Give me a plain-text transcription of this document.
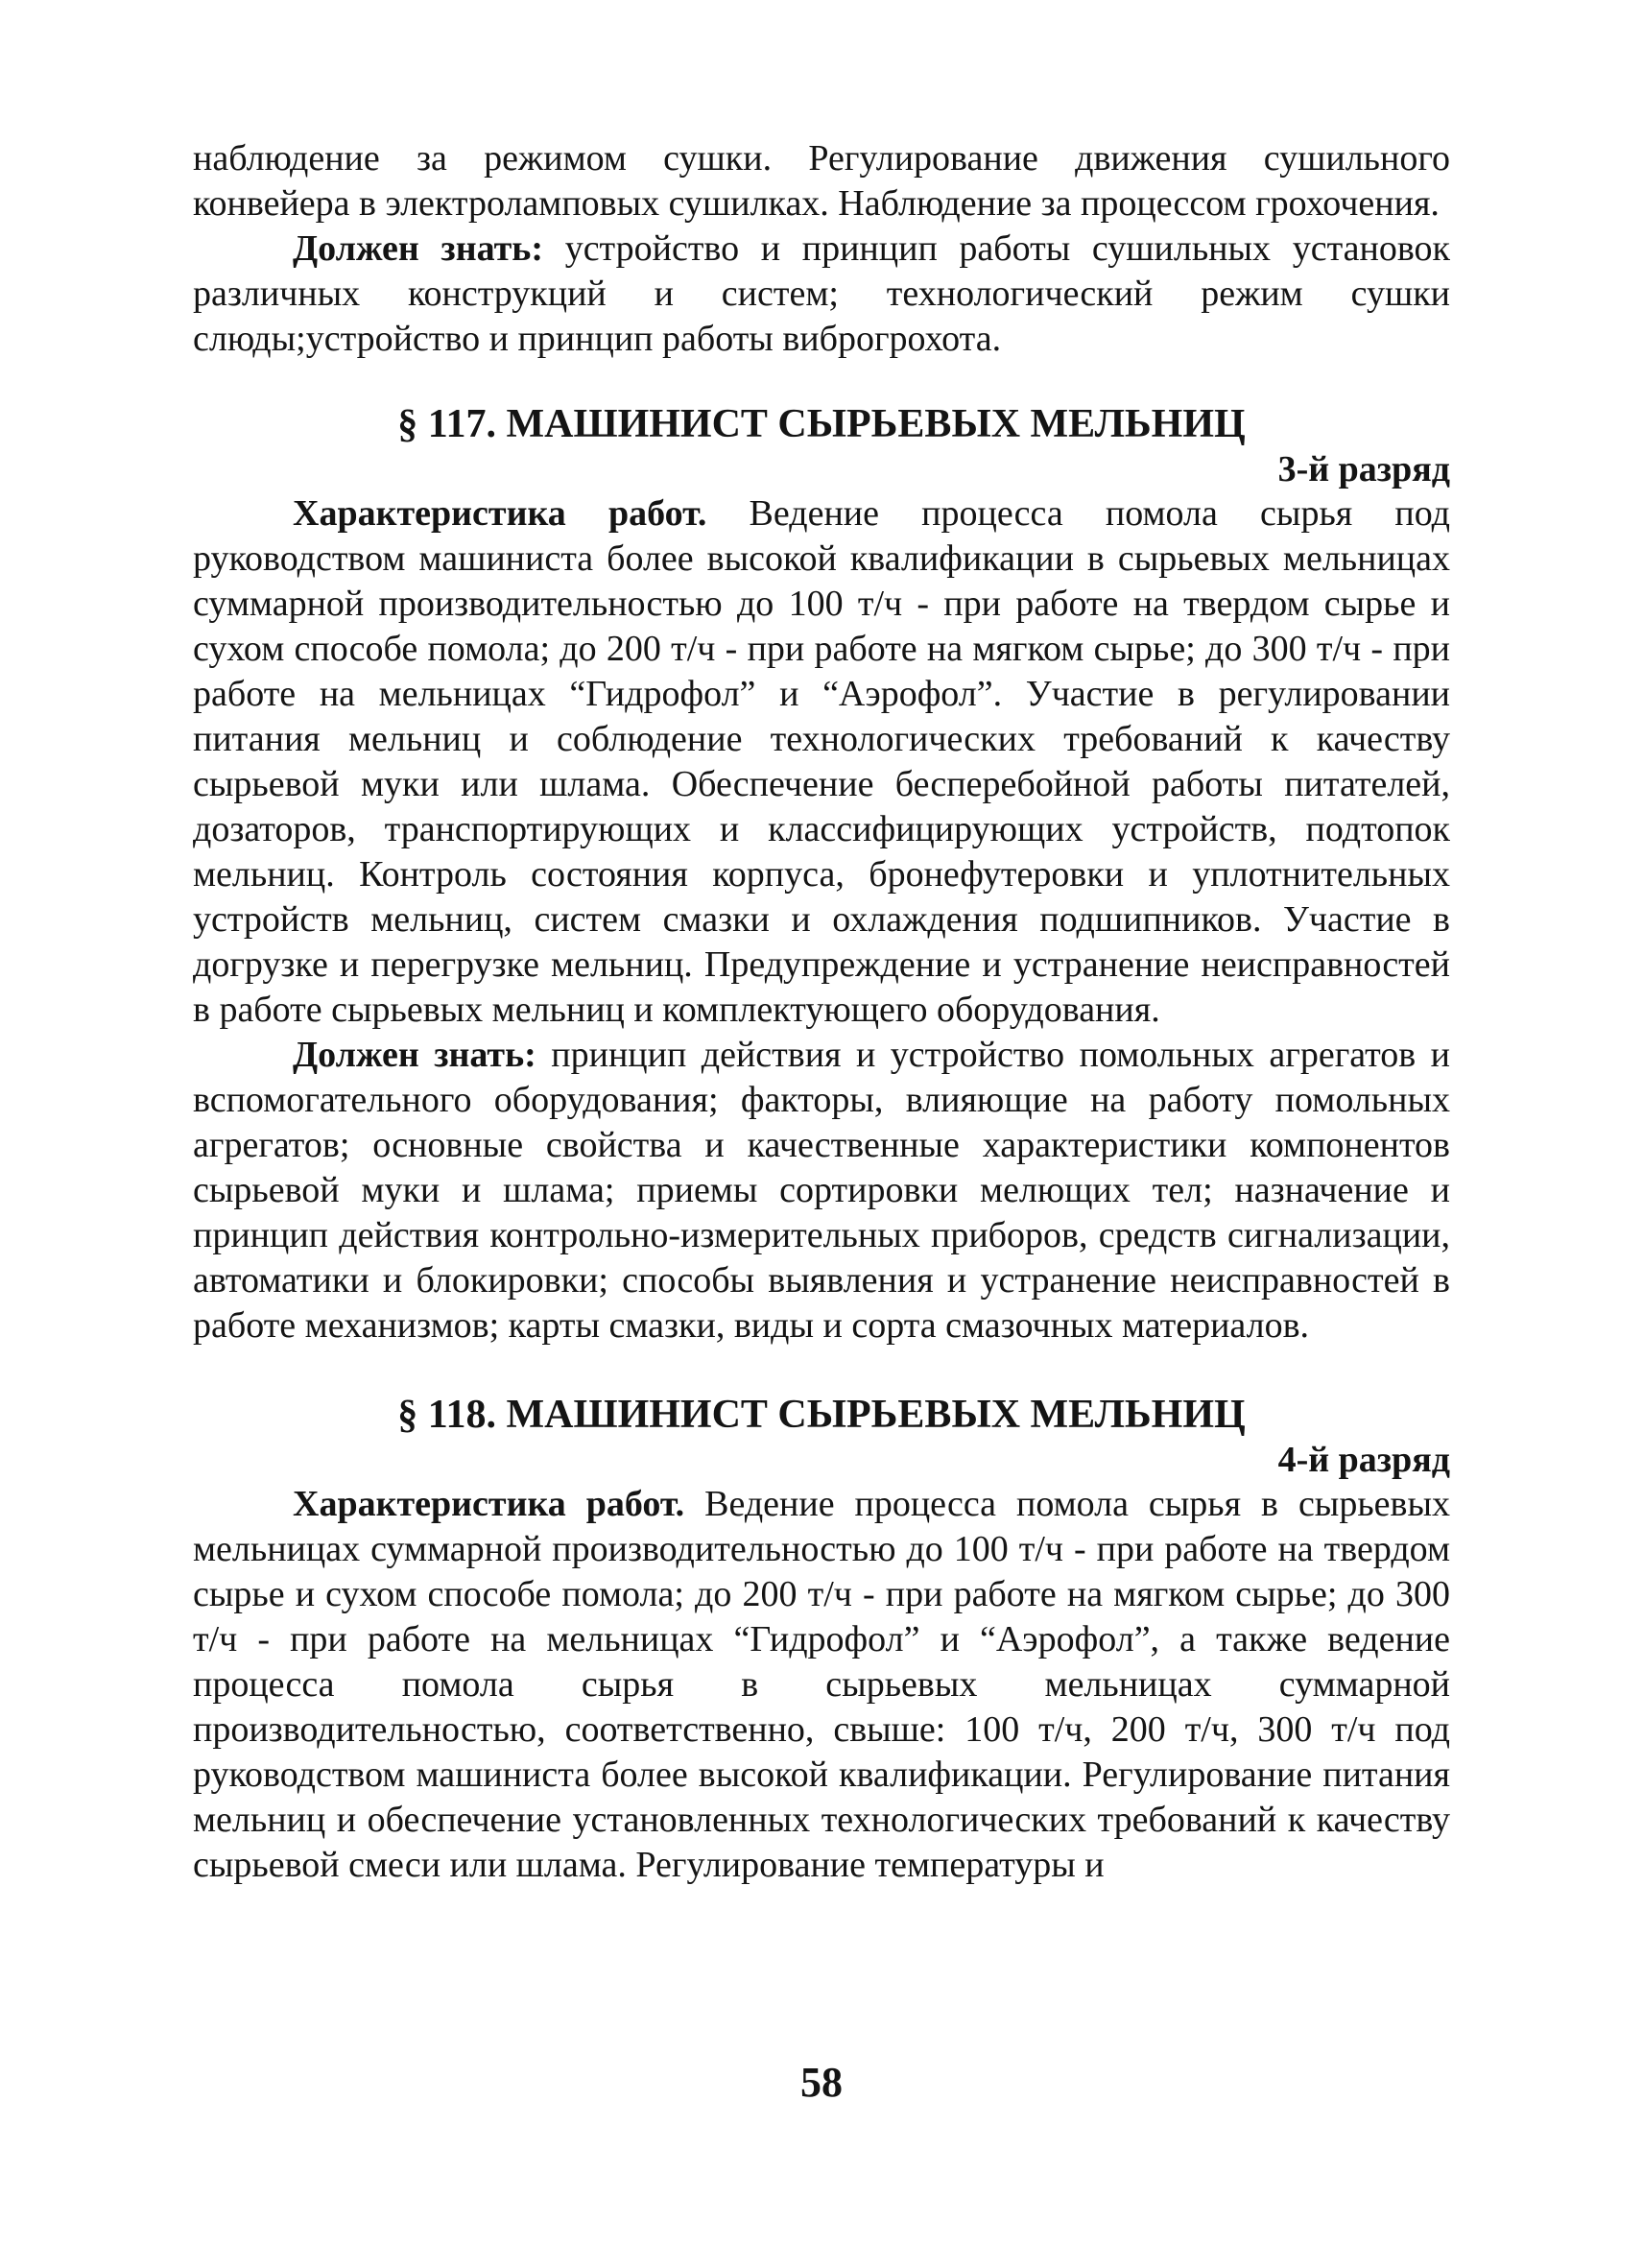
наблюдение за режимом сушки. Регулирование движения сушильного конвейера в электроламповых сушилках. Наблюдение за процессом грохочения.

Должен знать: устройство и принцип работы сушильных установок различных конструкций и систем; технологический режим сушки слюды;устройство и принцип работы виброгрохота.

§ 117. МАШИНИСТ СЫРЬЕВЫХ МЕЛЬНИЦ
3-й разряд

Характеристика работ. Ведение процесса помола сырья под руководством машиниста более высокой квалификации в сырьевых мельницах суммарной производительностью до 100 т/ч - при работе на твердом сырье и сухом способе помола; до 200 т/ч - при работе на мягком сырье; до 300 т/ч - при работе на мельницах “Гидрофол” и “Аэрофол”. Участие в регулировании питания мельниц и соблюдение технологических требований к качеству сырьевой муки или шлама. Обеспечение бесперебойной работы питателей, дозаторов, транспортирующих и классифицирующих устройств, подтопок мельниц. Контроль состояния корпуса, бронефутеровки и уплотнительных устройств мельниц, систем смазки и охлаждения подшипников. Участие в догрузке и перегрузке мельниц. Предупреждение и устранение неисправностей в работе сырьевых мельниц и комплектующего оборудования.

Должен знать: принцип действия и устройство помольных агрегатов и вспомогательного оборудования; факторы, влияющие на работу помольных агрегатов; основные свойства и качественные характеристики компонентов сырьевой муки и шлама; приемы сортировки мелющих тел; назначение и принцип действия контрольно-измерительных приборов, средств сигнализации, автоматики и блокировки; способы выявления и устранение неисправностей в работе механизмов; карты смазки, виды и сорта смазочных материалов.

§ 118. МАШИНИСТ СЫРЬЕВЫХ МЕЛЬНИЦ
4-й разряд

Характеристика работ. Ведение процесса помола сырья в сырьевых мельницах суммарной производительностью до 100 т/ч - при работе на твердом сырье и сухом способе помола; до 200 т/ч - при работе на мягком сырье; до 300 т/ч - при работе на мельницах “Гидрофол” и “Аэрофол”, а также ведение процесса помола сырья в сырьевых мельницах суммарной производительностью, соответственно, свыше: 100 т/ч, 200 т/ч, 300 т/ч под руководством машиниста более высокой квалификации. Регулирование питания мельниц и обеспечение установленных технологических требований к качеству сырьевой смеси или шлама. Регулирование температуры и

58
